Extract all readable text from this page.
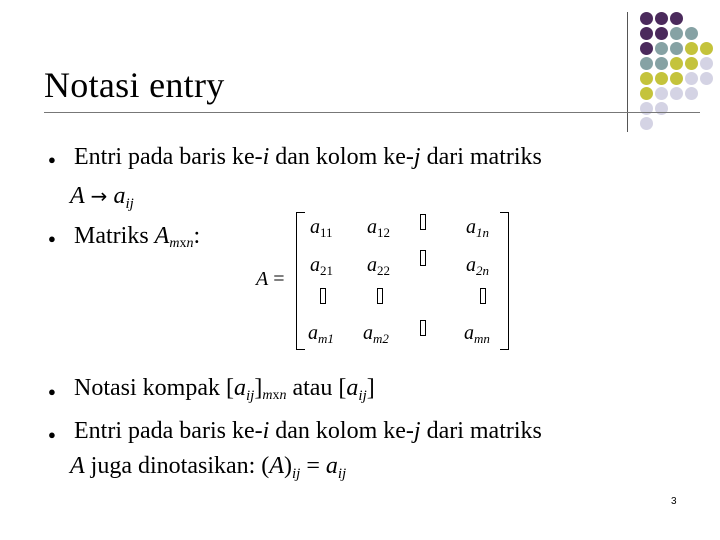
Notasi entry
● Entri pada baris ke-i dan kolom ke-j dari matriks
$A \to a_{ij}$
● Matriks $A_{mxn}$:
A =
$a_{11}$ $a_{12}$	$a_{1n}$
$a_{21}$ $a_{22}$	$a_{2n}$
$a_{m1}$ $a_{m2}$	$a_{mn}$
● Notasi kompak $[a_{ij}]_{mxn}$ atau $[a_{ij}]$
● Entri pada baris ke-i dan kolom ke-j dari matriks
A juga dinotasikan: $(A)_{ij} = a_{ij}$
3
